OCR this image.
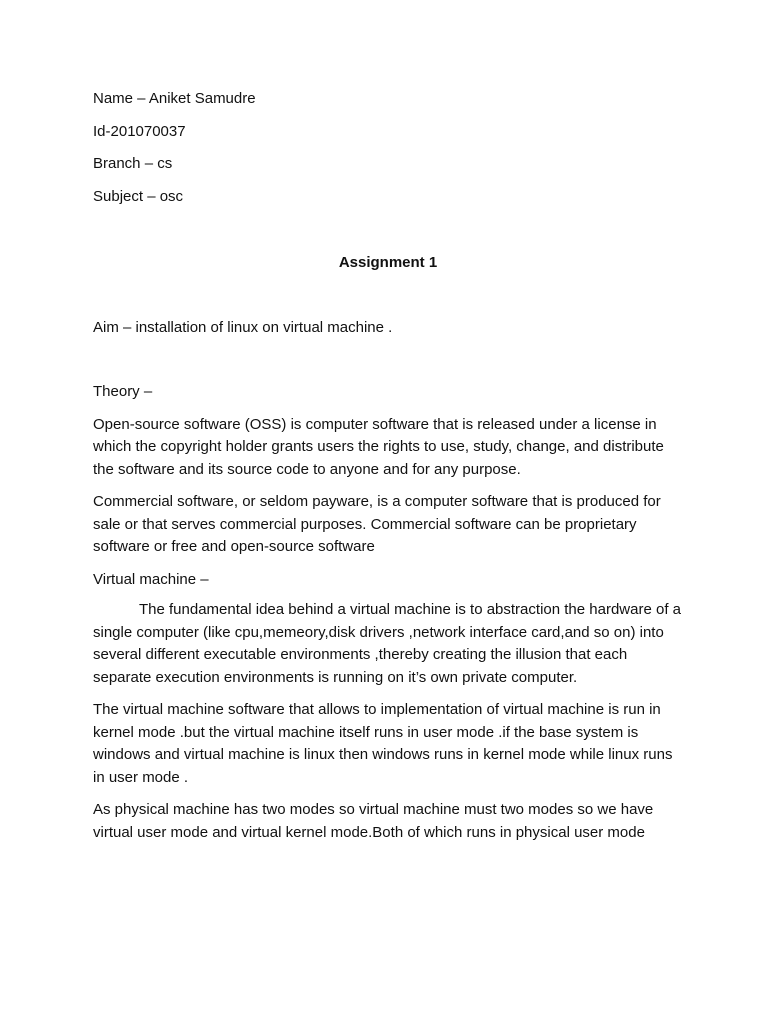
Name – Aniket Samudre
Id-201070037
Branch – cs
Subject – osc
Assignment 1
Aim – installation of linux on virtual machine .
Theory –
Open-source software (OSS) is computer software that is released under a license in which the copyright holder grants users the rights to use, study, change, and distribute the software and its source code to anyone and for any purpose.
Commercial software, or seldom payware, is a computer software that is produced for sale or that serves commercial purposes. Commercial software can be proprietary software or free and open-source software
Virtual machine –
The fundamental idea behind a virtual machine is to abstraction the hardware of a single computer (like cpu,memeory,disk drivers ,network interface card,and so on) into several different executable environments ,thereby creating the illusion that each separate execution environments is running on it’s own private computer.
The virtual machine software that allows to implementation of virtual machine is run in kernel mode .but the virtual machine itself runs in user mode .if the base system is windows and virtual machine is linux then windows runs in kernel mode while linux runs in user mode .
As physical machine has two modes so virtual machine must two modes so we have virtual user mode and virtual kernel mode.Both of which runs in physical user mode
